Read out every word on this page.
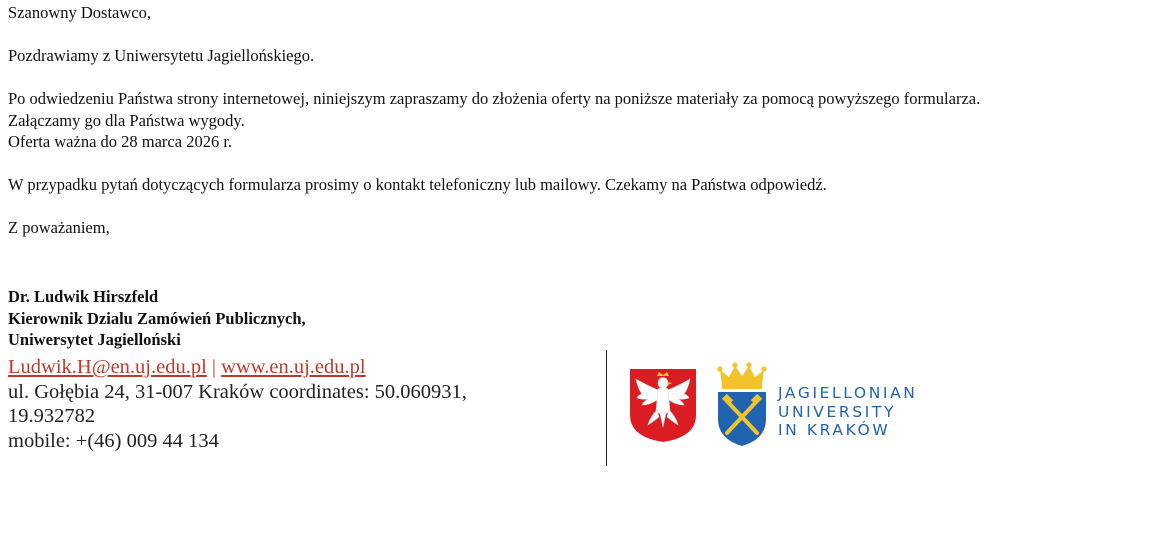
Szanowny Dostawco,

Pozdrawiamy z Uniwersytetu Jagiellońskiego.

Po odwiedzeniu Państwa strony internetowej, niniejszym zapraszamy do złożenia oferty na poniższe materiały za pomocą powyższego formularza.

Załączamy go dla Państwa wygody.

Oferta ważna do 28 marca 2026 r.

W przypadku pytań dotyczących formularza prosimy o kontakt telefoniczny lub mailowy. Czekamy na Państwa odpowiedź.

Z poważaniem,

Dr. Ludwik Hirszfeld
Kierownik Dzialu Zamówień Publicznych,
Uniwersytet Jagielloński
Ludwik.H@en.uj.edu.pl | www.en.uj.edu.pl
ul. Gołębia 24, 31-007 Kraków coordinates: 50.060931,
19.932782
mobile: +(46) 009 44 134
JAGIELLONIAN
UNIVERSITY
IN KRAKÓW
